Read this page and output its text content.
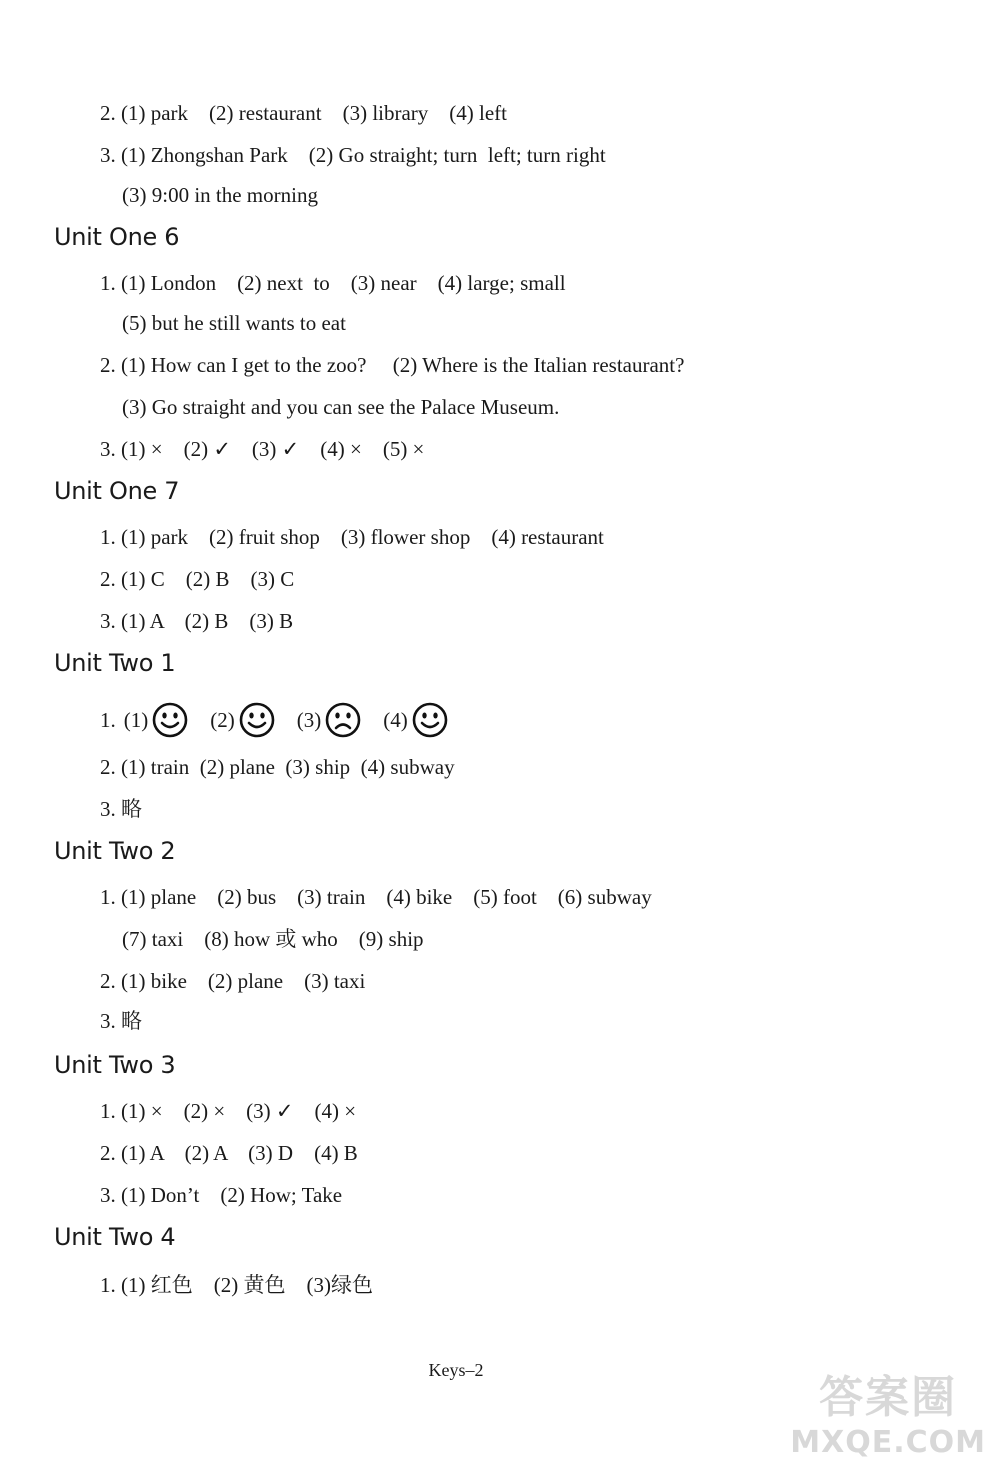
2. (1) park    (2) restaurant    (3) library    (4) left
3. (1) Zhongshan Park    (2) Go straight; turn  left; turn right
(3) 9:00 in the morning
Unit One 6
1. (1) London    (2) next  to    (3) near    (4) large; small
(5) but he still wants to eat
2. (1) How can I get to the zoo?     (2) Where is the Italian restaurant?
(3) Go straight and you can see the Palace Museum.
3. (1) ×    (2) ✓    (3) ✓    (4) ×    (5) ×
Unit One 7
1. (1) park    (2) fruit shop    (3) flower shop    (4) restaurant
2. (1) C    (2) B    (3) C
3. (1) A    (2) B    (3) B
Unit Two 1
1. (1)	(2)	(3)	(4)
2. (1) train  (2) plane  (3) ship  (4) subway
3. 略
Unit Two 2
1. (1) plane    (2) bus    (3) train    (4) bike    (5) foot    (6) subway
(7) taxi    (8) how 或 who    (9) ship
2. (1) bike    (2) plane    (3) taxi
3. 略
Unit Two 3
1. (1) ×    (2) ×    (3) ✓    (4) ×
2. (1) A    (2) A    (3) D    (4) B
3. (1) Don’t    (2) How; Take
Unit Two 4
1. (1) 红色    (2) 黄色    (3)绿色
Keys–2
答案圈
MXQE.COM
